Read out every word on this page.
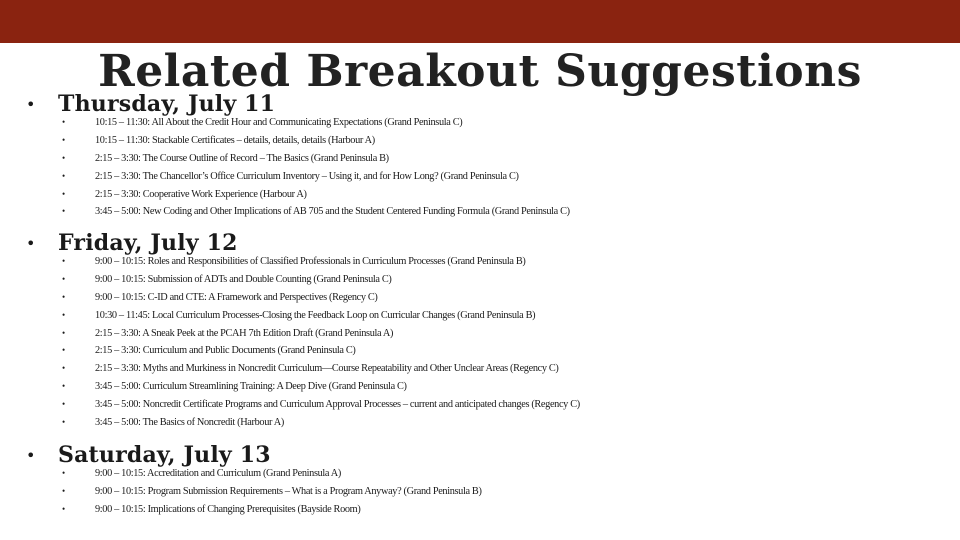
Related Breakout Suggestions
• Thursday, July 11
•	10:15 – 11:30: All About the Credit Hour and Communicating Expectations (Grand Peninsula C)
•	10:15 – 11:30: Stackable Certificates – details, details, details (Harbour A)
•	2:15 – 3:30: The Course Outline of Record – The Basics (Grand Peninsula B)
•	2:15 – 3:30: The Chancellor’s Office Curriculum Inventory – Using it, and for How Long? (Grand Peninsula C)
•	2:15 – 3:30: Cooperative Work Experience (Harbour A)
•	3:45 – 5:00: New Coding and Other Implications of AB 705 and the Student Centered Funding Formula (Grand Peninsula C)
• Friday, July 12
•	9:00 – 10:15: Roles and Responsibilities of Classified Professionals in Curriculum Processes (Grand Peninsula B)
•	9:00 – 10:15: Submission of ADTs and Double Counting (Grand Peninsula C)
•	9:00 – 10:15: C-ID and CTE: A Framework and Perspectives (Regency C)
•	10:30 – 11:45: Local Curriculum Processes-Closing the Feedback Loop on Curricular Changes (Grand Peninsula B)
•	2:15 – 3:30: A Sneak Peek at the PCAH 7th Edition Draft (Grand Peninsula A)
•	2:15 – 3:30: Curriculum and Public Documents (Grand Peninsula C)
•	2:15 – 3:30: Myths and Murkiness in Noncredit Curriculum—Course Repeatability and Other Unclear Areas (Regency C)
•	3:45 – 5:00: Curriculum Streamlining Training: A Deep Dive (Grand Peninsula C)
•	3:45 – 5:00: Noncredit Certificate Programs and Curriculum Approval Processes – current and anticipated changes (Regency C)
•	3:45 – 5:00: The Basics of Noncredit (Harbour A)
• Saturday, July 13
•	9:00 – 10:15: Accreditation and Curriculum (Grand Peninsula A)
•	9:00 – 10:15: Program Submission Requirements – What is a Program Anyway? (Grand Peninsula B)
•	9:00 – 10:15: Implications of Changing Prerequisites (Bayside Room)
